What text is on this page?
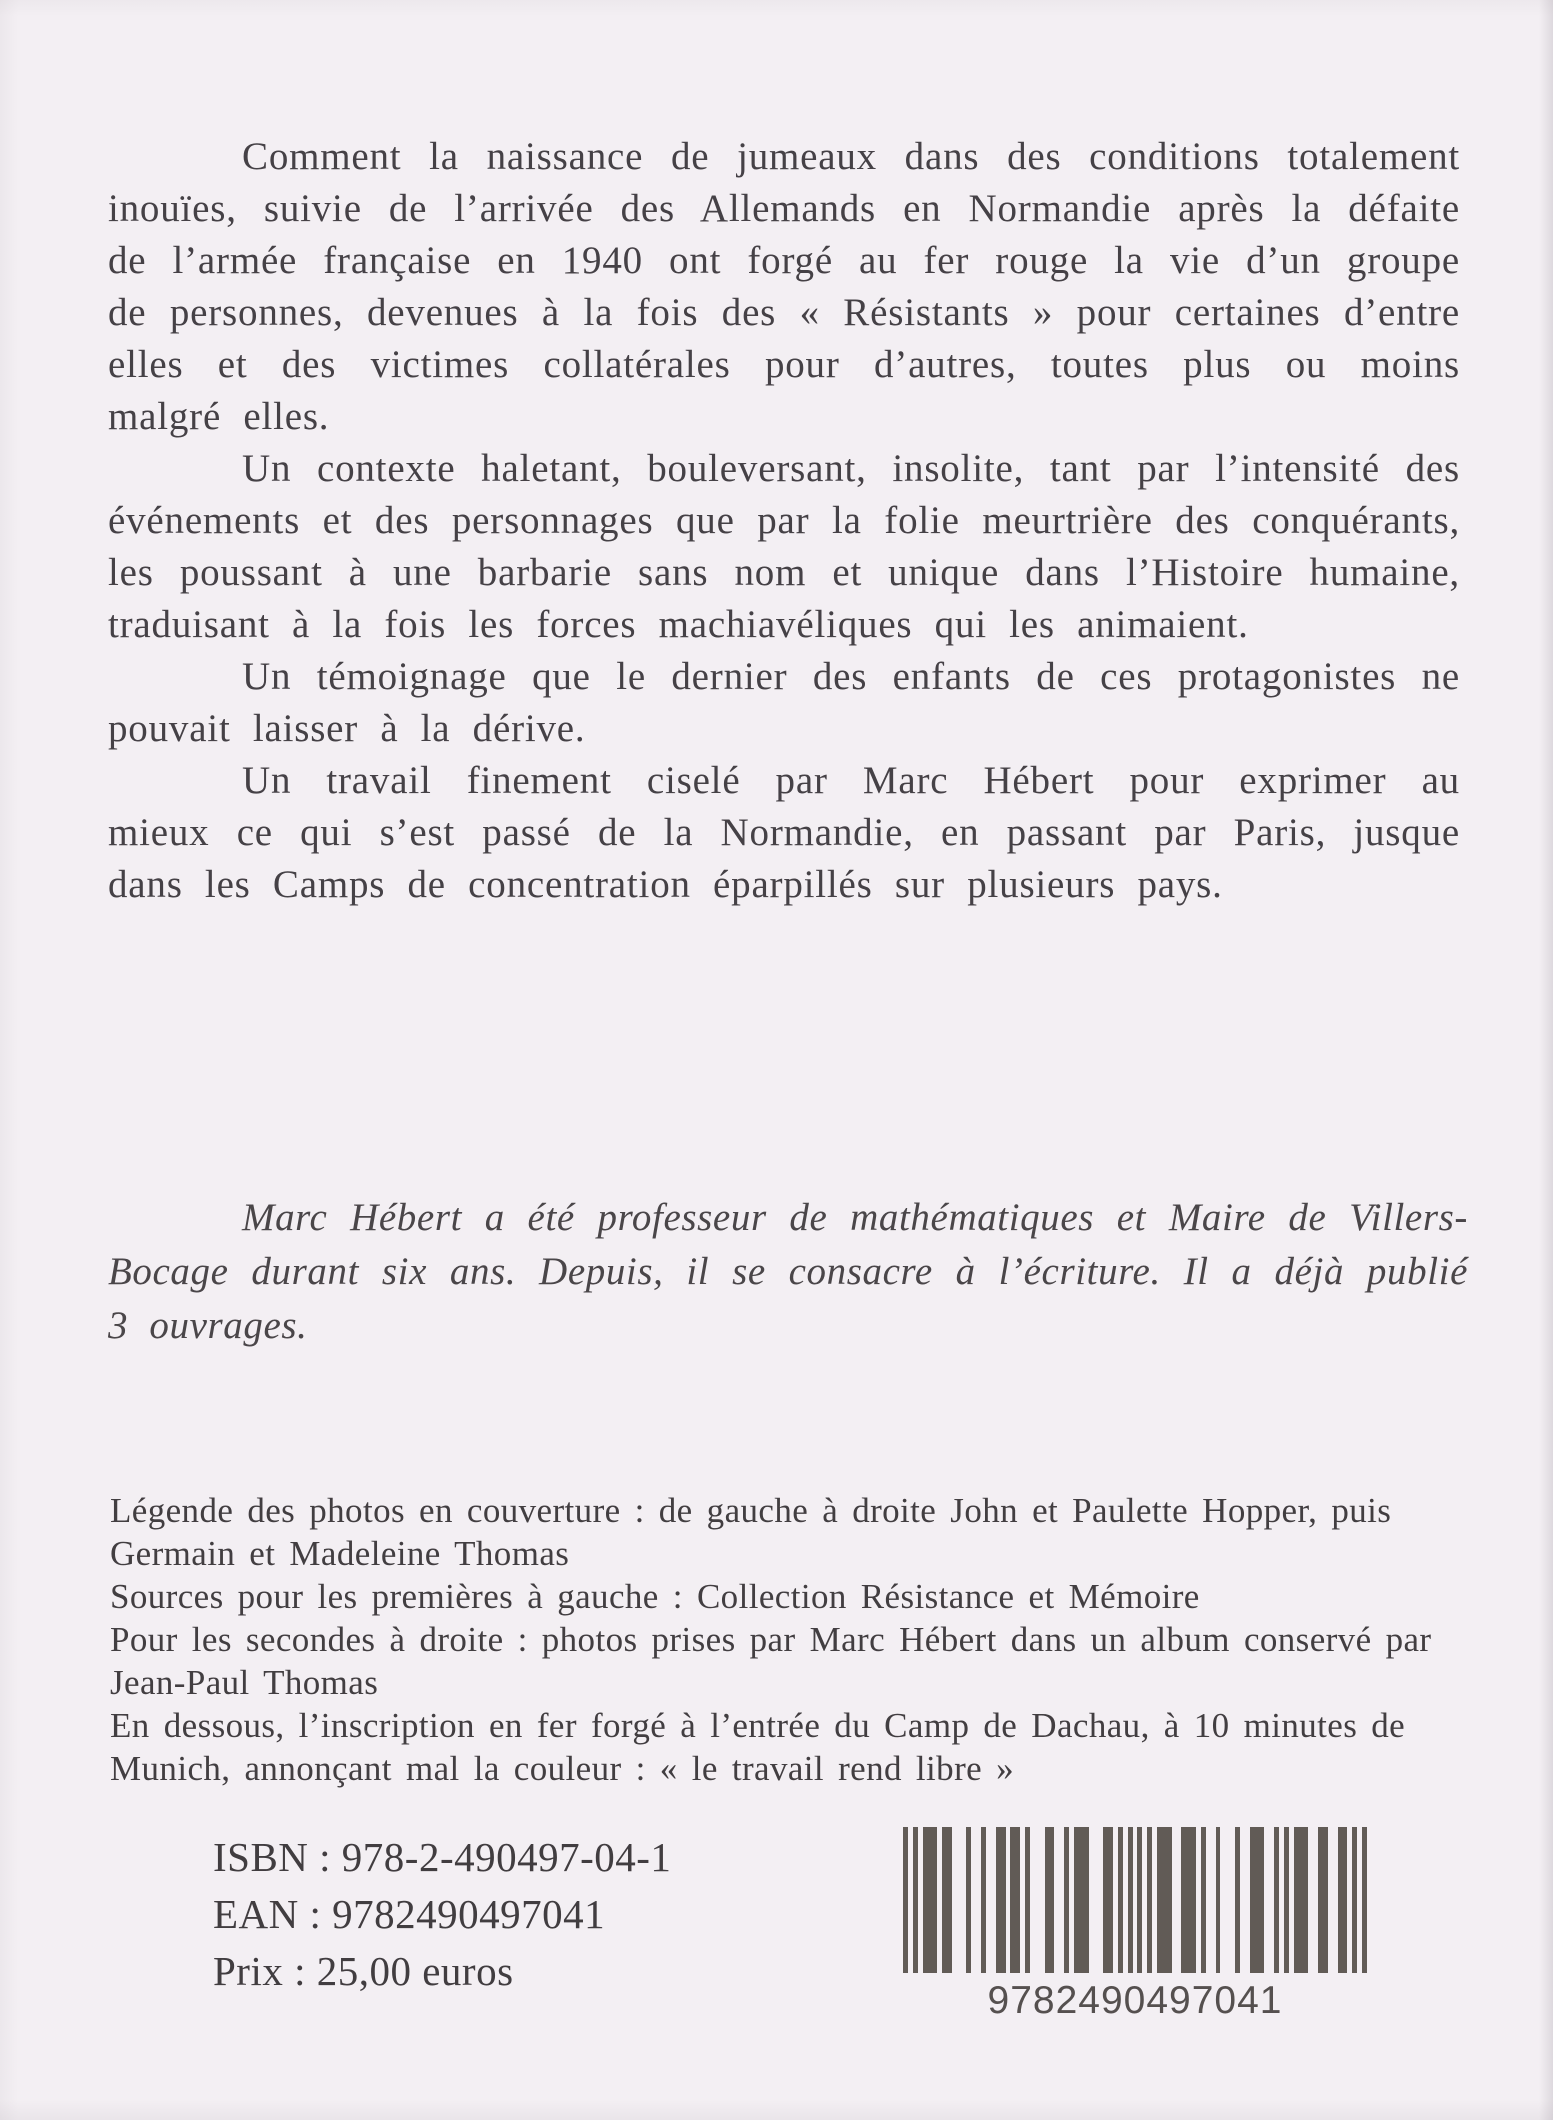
Comment la naissance de jumeaux dans des conditions totalement inouïes, suivie de l’arrivée des Allemands en Normandie après la défaite de l’armée française en 1940 ont forgé au fer rouge la vie d’un groupe de personnes, devenues à la fois des « Résistants » pour certaines d’entre elles et des victimes collatérales pour d’autres, toutes plus ou moins malgré elles.

Un contexte haletant, bouleversant, insolite, tant par l’intensité des événements et des personnages que par la folie meurtrière des conquérants, les poussant à une barbarie sans nom et unique dans l’Histoire humaine, traduisant à la fois les forces machiavéliques qui les animaient.

Un témoignage que le dernier des enfants de ces protagonistes ne pouvait laisser à la dérive.

Un travail finement ciselé par Marc Hébert pour exprimer au mieux ce qui s’est passé de la Normandie, en passant par Paris, jusque dans les Camps de concentration éparpillés sur plusieurs pays.

Marc Hébert a été professeur de mathématiques et Maire de Villers-Bocage durant six ans. Depuis, il se consacre à l’écriture. Il a déjà publié 3 ouvrages.

Légende des photos en couverture : de gauche à droite John et Paulette Hopper, puis Germain et Madeleine Thomas

Sources pour les premières à gauche : Collection Résistance et Mémoire

Pour les secondes à droite : photos prises par Marc Hébert dans un album conservé par Jean-Paul Thomas

En dessous, l’inscription en fer forgé à l’entrée du Camp de Dachau, à 10 minutes de Munich, annonçant mal la couleur : « le travail rend libre »

ISBN : 978-2-490497-04-1
EAN : 9782490497041
Prix : 25,00 euros
9782490497041
